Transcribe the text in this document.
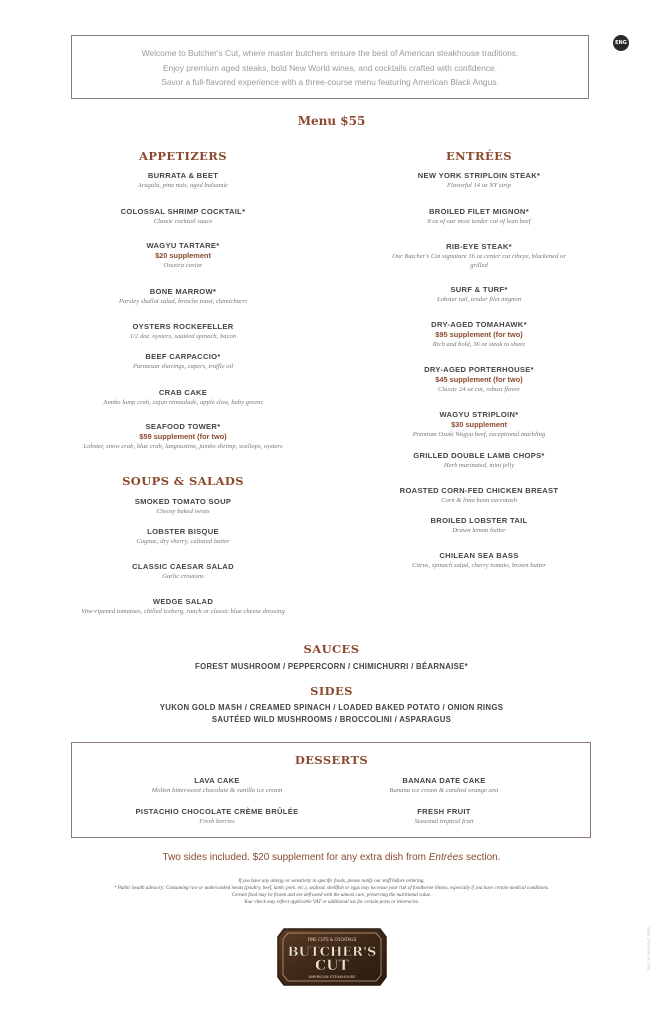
ENG
Welcome to Butcher's Cut, where master butchers ensure the best of American steakhouse traditions.
Enjoy premium aged steaks, bold New World wines, and cocktails crafted with confidence.
Savor a full-flavored experience with a three-course menu featuring American Black Angus.
Menu $55
APPETIZERS
BURRATA & BEET
Arugula, pine nuts, aged balsamic
COLOSSAL SHRIMP COCKTAIL*
Classic cocktail sauce
WAGYU TARTARE*
$20 supplement
Ossetra caviar
BONE MARROW*
Parsley shallot salad, brioche toast, chimichurri
OYSTERS ROCKEFELLER
1/2 doz. oysters, sautéed spinach, bacon
BEEF CARPACCIO*
Parmesan shavings, capers, truffle oil
CRAB CAKE
Jumbo lump crab, cajun remoulade, apple slaw, baby greens
SEAFOOD TOWER*
$59 supplement (for two)
Lobster, snow crab, blue crab, langoustine, jumbo shrimp, scallops, oysters
SOUPS & SALADS
SMOKED TOMATO SOUP
Cheesy baked twists
LOBSTER BISQUE
Cognac, dry sherry, cultured butter
CLASSIC CAESAR SALAD
Garlic croutons
WEDGE SALAD
Vine-ripened tomatoes, chilled iceberg, ranch or classic blue cheese dressing
ENTRÉES
NEW YORK STRIPLOIN STEAK*
Flavorful 14 oz NY strip
BROILED FILET MIGNON*
8 oz of our most tender cut of lean beef
RIB-EYE STEAK*
Our Butcher's Cut signature 16 oz center cut ribeye, blackened or grilled
SURF & TURF*
Lobster tail, tender filet mignon
DRY-AGED TOMAHAWK*
$95 supplement (for two)
Rich and bold, 36 oz steak to share
DRY-AGED PORTERHOUSE*
$45 supplement (for two)
Classic 24 oz cut, robust flavor
WAGYU STRIPLOIN*
$30 supplement
Premium Ozaki Wagyu beef, exceptional marbling
GRILLED DOUBLE LAMB CHOPS*
Herb marinated, mint jelly
ROASTED CORN-FED CHICKEN BREAST
Corn & lima bean succotash
BROILED LOBSTER TAIL
Drawn lemon butter
CHILEAN SEA BASS
Citrus, spinach salad, cherry tomato, brown butter
SAUCES
FOREST MUSHROOM / PEPPERCORN / CHIMICHURRI / BÉARNAISE*
SIDES
YUKON GOLD MASH / CREAMED SPINACH / LOADED BAKED POTATO / ONION RINGS
SAUTÉED WILD MUSHROOMS / BROCCOLINI / ASPARAGUS
DESSERTS
LAVA CAKE
Molten bittersweet chocolate & vanilla ice cream
BANANA DATE CAKE
Banana ice cream & candied orange zest
PISTACHIO CHOCOLATE CRÈME BRÛLÉE
Fresh berries
FRESH FRUIT
Seasonal tropical fruit
Two sides included. $20 supplement for any extra dish from Entrées section.
If you have any allergy or sensitivity to specific foods, please notify our staff before ordering.
* Public health advisory: Consuming raw or undercooked meats (poultry, beef, lamb, pork, etc.), seafood, shellfish or eggs may increase your risk of foodborne illness, especially if you have certain medical conditions.
Certain food may be frozen and are defrosted with the utmost care, preserving the nutritional value.
Your check may reflect applicable VAT or additional tax for certain ports or itineraries.
FINE CUTS & COCKTAILS
BUTCHER'S
CUT
AMERICAN STEAKHOUSE
RCL 10 2023 CUT 1033
